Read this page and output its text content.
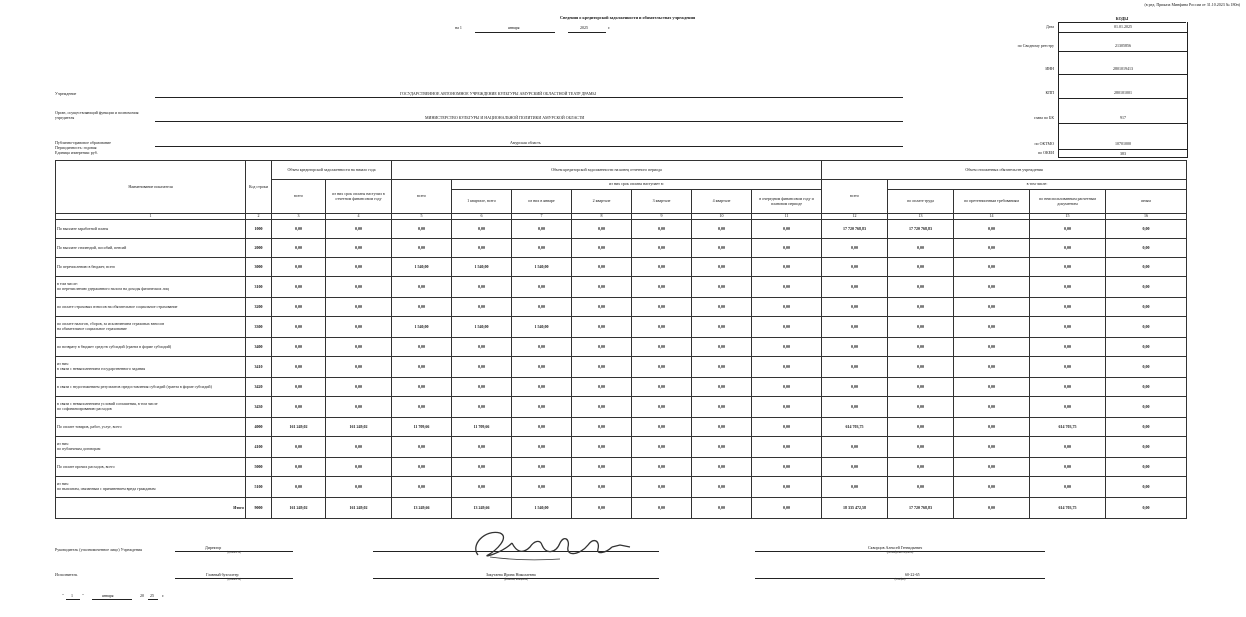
(в ред. Приказа Минфина России от 31.10.2023 № 180н)
Сведения о кредиторской задолженности и обязательствах учреждения
на 1	января	2025	г.
КОДЫ
Дата	01.01.2025
по Сводному реестру	21305856
ИНН	2801019413
КПП	280101001
глава по БК	917
по ОКТМО	10701000
по ОКЕИ	383
Учреждение	ГОСУДАРСТВЕННОЕ АВТОНОМНОЕ УЧРЕЖДЕНИЕ КУЛЬТУРЫ АМУРСКИЙ ОБЛАСТНОЙ ТЕАТР ДРАМЫ
Орган, осуществляющий функции и полномочия
учредителя	МИНИСТЕРСТВО КУЛЬТУРЫ И НАЦИОНАЛЬНОЙ ПОЛИТИКИ АМУРСКОЙ ОБЛАСТИ
Публично-правовое образование	Амурская область
Периодичность: годовая
Единица измерения: руб.
Наименование показателя	Код строки	Объем кредиторской задолженности на начало года		Объем кредиторской задолженности на конец отчетного периода							Объем отложенных обязательств учреждения				
		всего	из них срок оплаты наступил в отчетном финансовом году	всего	из них срок оплаты наступает в:						всего	в том числе:			
					1 квартале, всего	из них в январе	2 квартале	3 квартале	4 квартале	в очередном финансовом году и плановом периоде		по оплате труда	по претензионным требованиям	по неиспользованным расчетным документам	иным
1	2	3	4	5	6	7	8	9	10	11	12	13	14	15	16

По выплате заработной платы	1000	0,00	0,00	0,00	0,00	0,00	0,00	0,00	0,00	0,00	17 720 768,83	17 720 768,83	0,00	0,00	0,00

По выплате стипендий, пособий, пенсий	2000	0,00	0,00	0,00	0,00	0,00	0,00	0,00	0,00	0,00	0,00	0,00	0,00	0,00	0,00

По перечислению в бюджет, всего	3000	0,00	0,00	1 540,00	1 540,00	1 540,00	0,00	0,00	0,00	0,00	0,00	0,00	0,00	0,00	0,00

в том числе:
по перечислению удержанного налога на доходы физических лиц	3100	0,00	0,00	0,00	0,00	0,00	0,00	0,00	0,00	0,00	0,00	0,00	0,00	0,00	0,00

по оплате страховых взносов на обязательное социальное страхование	3200	0,00	0,00	0,00	0,00	0,00	0,00	0,00	0,00	0,00	0,00	0,00	0,00	0,00	0,00

по оплате налогов, сборов, за исключением страховых взносов
на обязательное социальное страхование	3300	0,00	0,00	1 540,00	1 540,00	1 540,00	0,00	0,00	0,00	0,00	0,00	0,00	0,00	0,00	0,00

по возврату в бюджет средств субсидий (гранта в форме субсидий)	3400	0,00	0,00	0,00	0,00	0,00	0,00	0,00	0,00	0,00	0,00	0,00	0,00	0,00	0,00

из них:
в связи с невыполнением государственного задания	3410	0,00	0,00	0,00	0,00	0,00	0,00	0,00	0,00	0,00	0,00	0,00	0,00	0,00	0,00

в связи с недостижением результатов предоставления субсидий (гранта в форме субсидий)	3420	0,00	0,00	0,00	0,00	0,00	0,00	0,00	0,00	0,00	0,00	0,00	0,00	0,00	0,00

в связи с невыполнением условий соглашения, в том числе
по софинансированию расходов	3430	0,00	0,00	0,00	0,00	0,00	0,00	0,00	0,00	0,00	0,00	0,00	0,00	0,00	0,00

По оплате товаров, работ, услуг, всего	4000	161 249,02	161 249,02	11 709,66	11 709,66	0,00	0,00	0,00	0,00	0,00	614 703,75	0,00	0,00	614 703,75	0,00

из них:
по публичным договорам	4100	0,00	0,00	0,00	0,00	0,00	0,00	0,00	0,00	0,00	0,00	0,00	0,00	0,00	0,00

По оплате прочих расходов, всего	5000	0,00	0,00	0,00	0,00	0,00	0,00	0,00	0,00	0,00	0,00	0,00	0,00	0,00	0,00

из них:
по выплатам, связанным с причинением вреда гражданам	5100	0,00	0,00	0,00	0,00	0,00	0,00	0,00	0,00	0,00	0,00	0,00	0,00	0,00	0,00
Итого	9000	161 249,02	161 249,02	13 249,66	13 249,66	1 540,00	0,00	0,00	0,00	0,00	18 335 472,58	17 720 768,83	0,00	614 703,75	0,00
Руководитель (уполномоченное лицо) Учреждения	Директор
(должность)
Скворцов Алексей Геннадьевич
(расшифровка подписи)
Исполнитель	Главный бухгалтер
(должность)
Закутаева Ирина Николаевна
(фамилия, инициалы)
60-22-65
(телефон)
" 1 "	января	20 25 г.
